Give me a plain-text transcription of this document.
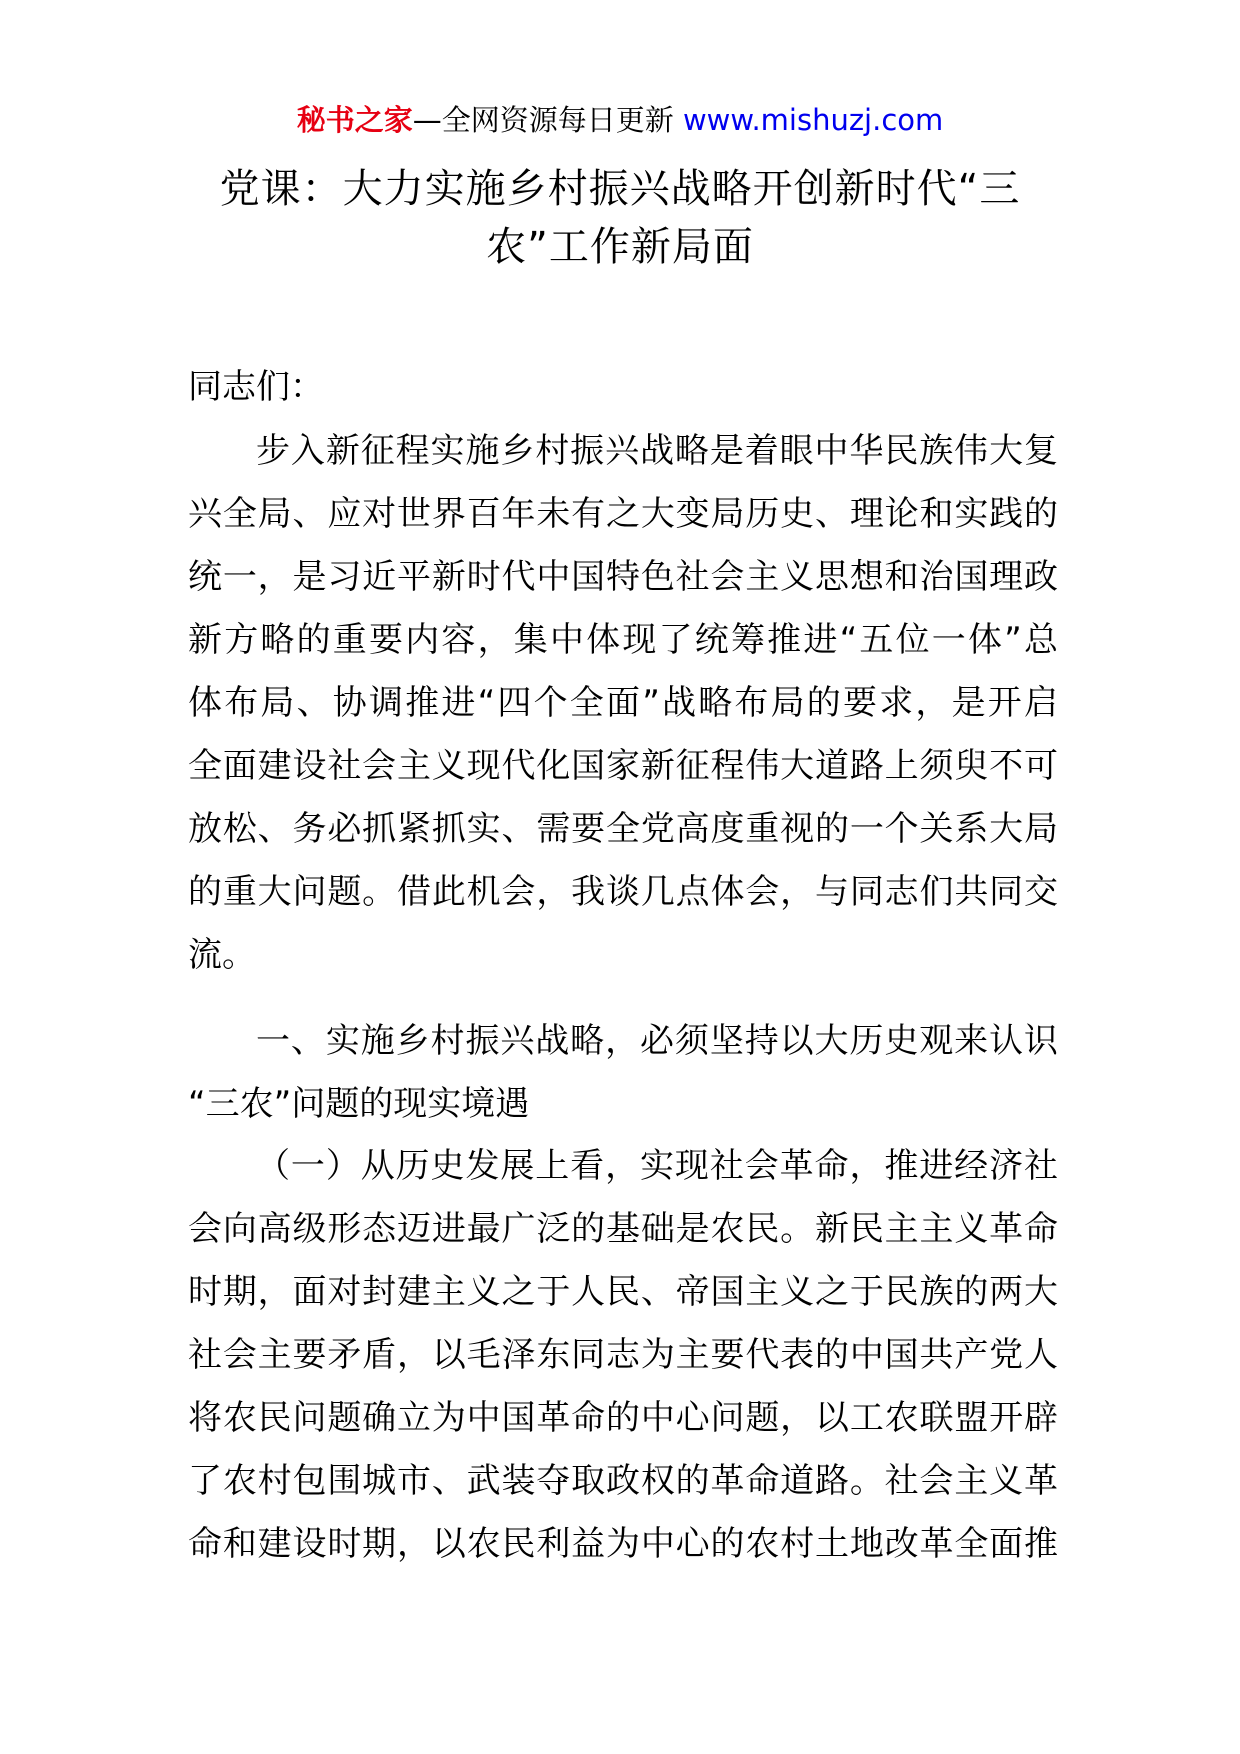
秘书之家—全网资源每日更新 www.mishuzj.com
党课：大力实施乡村振兴战略开创新时代“三
农”工作新局面
同志们：
步入新征程实施乡村振兴战略是着眼中华民族伟大复
兴全局、应对世界百年未有之大变局历史、理论和实践的
统一，是习近平新时代中国特色社会主义思想和治国理政
新方略的重要内容，集中体现了统筹推进“五位一体”总
体布局、协调推进“四个全面”战略布局的要求，是开启
全面建设社会主义现代化国家新征程伟大道路上须臾不可
放松、务必抓紧抓实、需要全党高度重视的一个关系大局
的重大问题。借此机会，我谈几点体会，与同志们共同交
流。
一、实施乡村振兴战略，必须坚持以大历史观来认识
“三农”问题的现实境遇
（一）从历史发展上看，实现社会革命，推进经济社
会向高级形态迈进最广泛的基础是农民。新民主主义革命
时期，面对封建主义之于人民、帝国主义之于民族的两大
社会主要矛盾，以毛泽东同志为主要代表的中国共产党人
将农民问题确立为中国革命的中心问题，以工农联盟开辟
了农村包围城市、武装夺取政权的革命道路。社会主义革
命和建设时期，以农民利益为中心的农村土地改革全面推
